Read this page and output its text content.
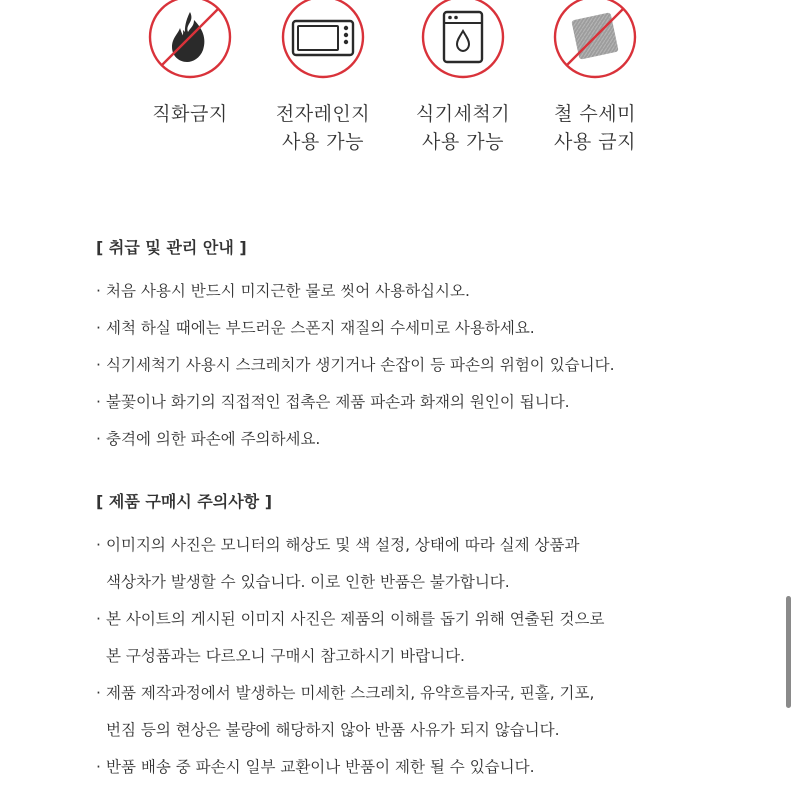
직화금지	전자레인지
사용 가능
식기세척기
사용 가능
철 수세미
사용 금지
[ 취급 및 관리 안내 ]
· 처음 사용시 반드시 미지근한 물로 씻어 사용하십시오.
· 세척 하실 때에는 부드러운 스폰지 재질의 수세미로 사용하세요.
· 식기세척기 사용시 스크레치가 생기거나 손잡이 등 파손의 위험이 있습니다.
· 불꽃이나 화기의 직접적인 접촉은 제품 파손과 화재의 원인이 됩니다.
· 충격에 의한 파손에 주의하세요.
[ 제품 구매시 주의사항 ]
· 이미지의 사진은 모니터의 해상도 및 색 설정, 상태에 따라 실제 상품과
색상차가 발생할 수 있습니다. 이로 인한 반품은 불가합니다.
· 본 사이트의 게시된 이미지 사진은 제품의 이해를 돕기 위해 연출된 것으로
본 구성품과는 다르오니 구매시 참고하시기 바랍니다.
· 제품 제작과정에서 발생하는 미세한 스크레치, 유약흐름자국, 핀홀, 기포,
번짐 등의 현상은 불량에 해당하지 않아 반품 사유가 되지 않습니다.
· 반품 배송 중 파손시 일부 교환이나 반품이 제한 될 수 있습니다.
